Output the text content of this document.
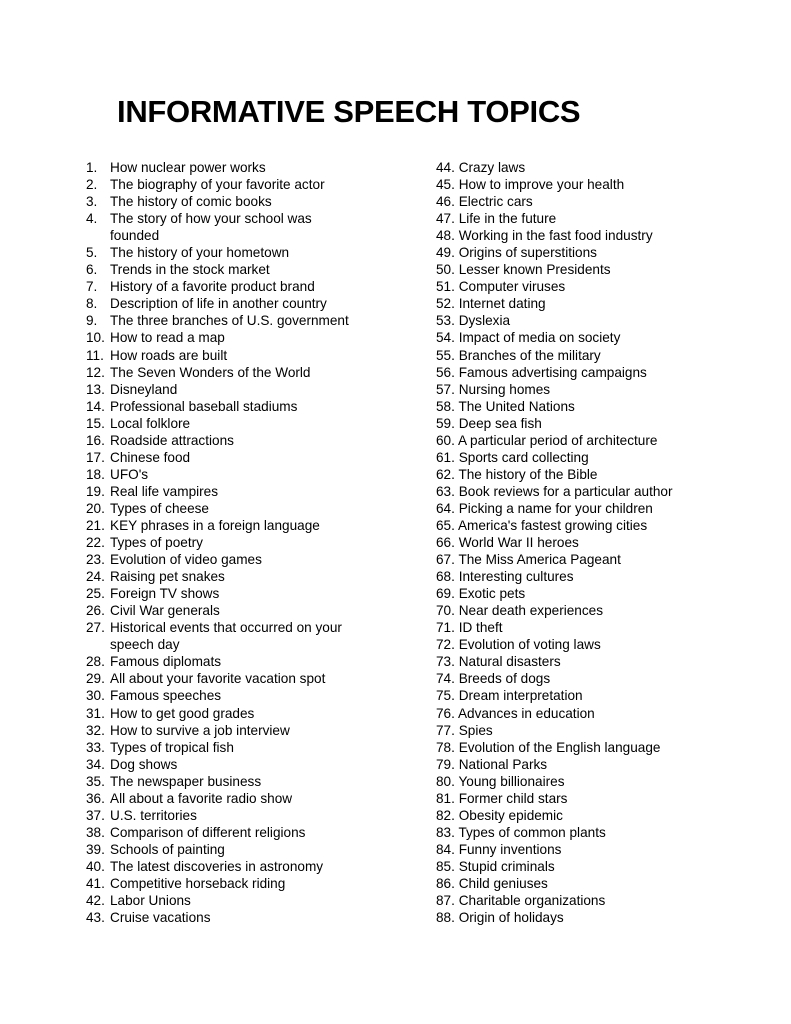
INFORMATIVE SPEECH TOPICS
1. How nuclear power works
2. The biography of your favorite actor
3. The history of comic books
4. The story of how your school was founded
5. The history of your hometown
6. Trends in the stock market
7. History of a favorite product brand
8. Description of life in another country
9. The three branches of U.S. government
10. How to read a map
11. How roads are built
12. The Seven Wonders of the World
13. Disneyland
14. Professional baseball stadiums
15. Local folklore
16. Roadside attractions
17. Chinese food
18. UFO's
19. Real life vampires
20. Types of cheese
21. KEY phrases in a foreign language
22. Types of poetry
23. Evolution of video games
24. Raising pet snakes
25. Foreign TV shows
26. Civil War generals
27. Historical events that occurred on your speech day
28. Famous diplomats
29. All about your favorite vacation spot
30. Famous speeches
31. How to get good grades
32. How to survive a job interview
33. Types of tropical fish
34. Dog shows
35. The newspaper business
36. All about a favorite radio show
37. U.S. territories
38. Comparison of different religions
39. Schools of painting
40. The latest discoveries in astronomy
41. Competitive horseback riding
42. Labor Unions
43. Cruise vacations
44. Crazy laws
45. How to improve your health
46. Electric cars
47. Life in the future
48. Working in the fast food industry
49. Origins of superstitions
50. Lesser known Presidents
51. Computer viruses
52. Internet dating
53. Dyslexia
54. Impact of media on society
55. Branches of the military
56. Famous advertising campaigns
57. Nursing homes
58. The United Nations
59. Deep sea fish
60. A particular period of architecture
61. Sports card collecting
62. The history of the Bible
63. Book reviews for a particular author
64. Picking a name for your children
65. America's fastest growing cities
66. World War II heroes
67. The Miss America Pageant
68. Interesting cultures
69. Exotic pets
70. Near death experiences
71. ID theft
72. Evolution of voting laws
73. Natural disasters
74. Breeds of dogs
75. Dream interpretation
76. Advances in education
77. Spies
78. Evolution of the English language
79. National Parks
80. Young billionaires
81. Former child stars
82. Obesity epidemic
83. Types of common plants
84. Funny inventions
85. Stupid criminals
86. Child geniuses
87. Charitable organizations
88. Origin of holidays
